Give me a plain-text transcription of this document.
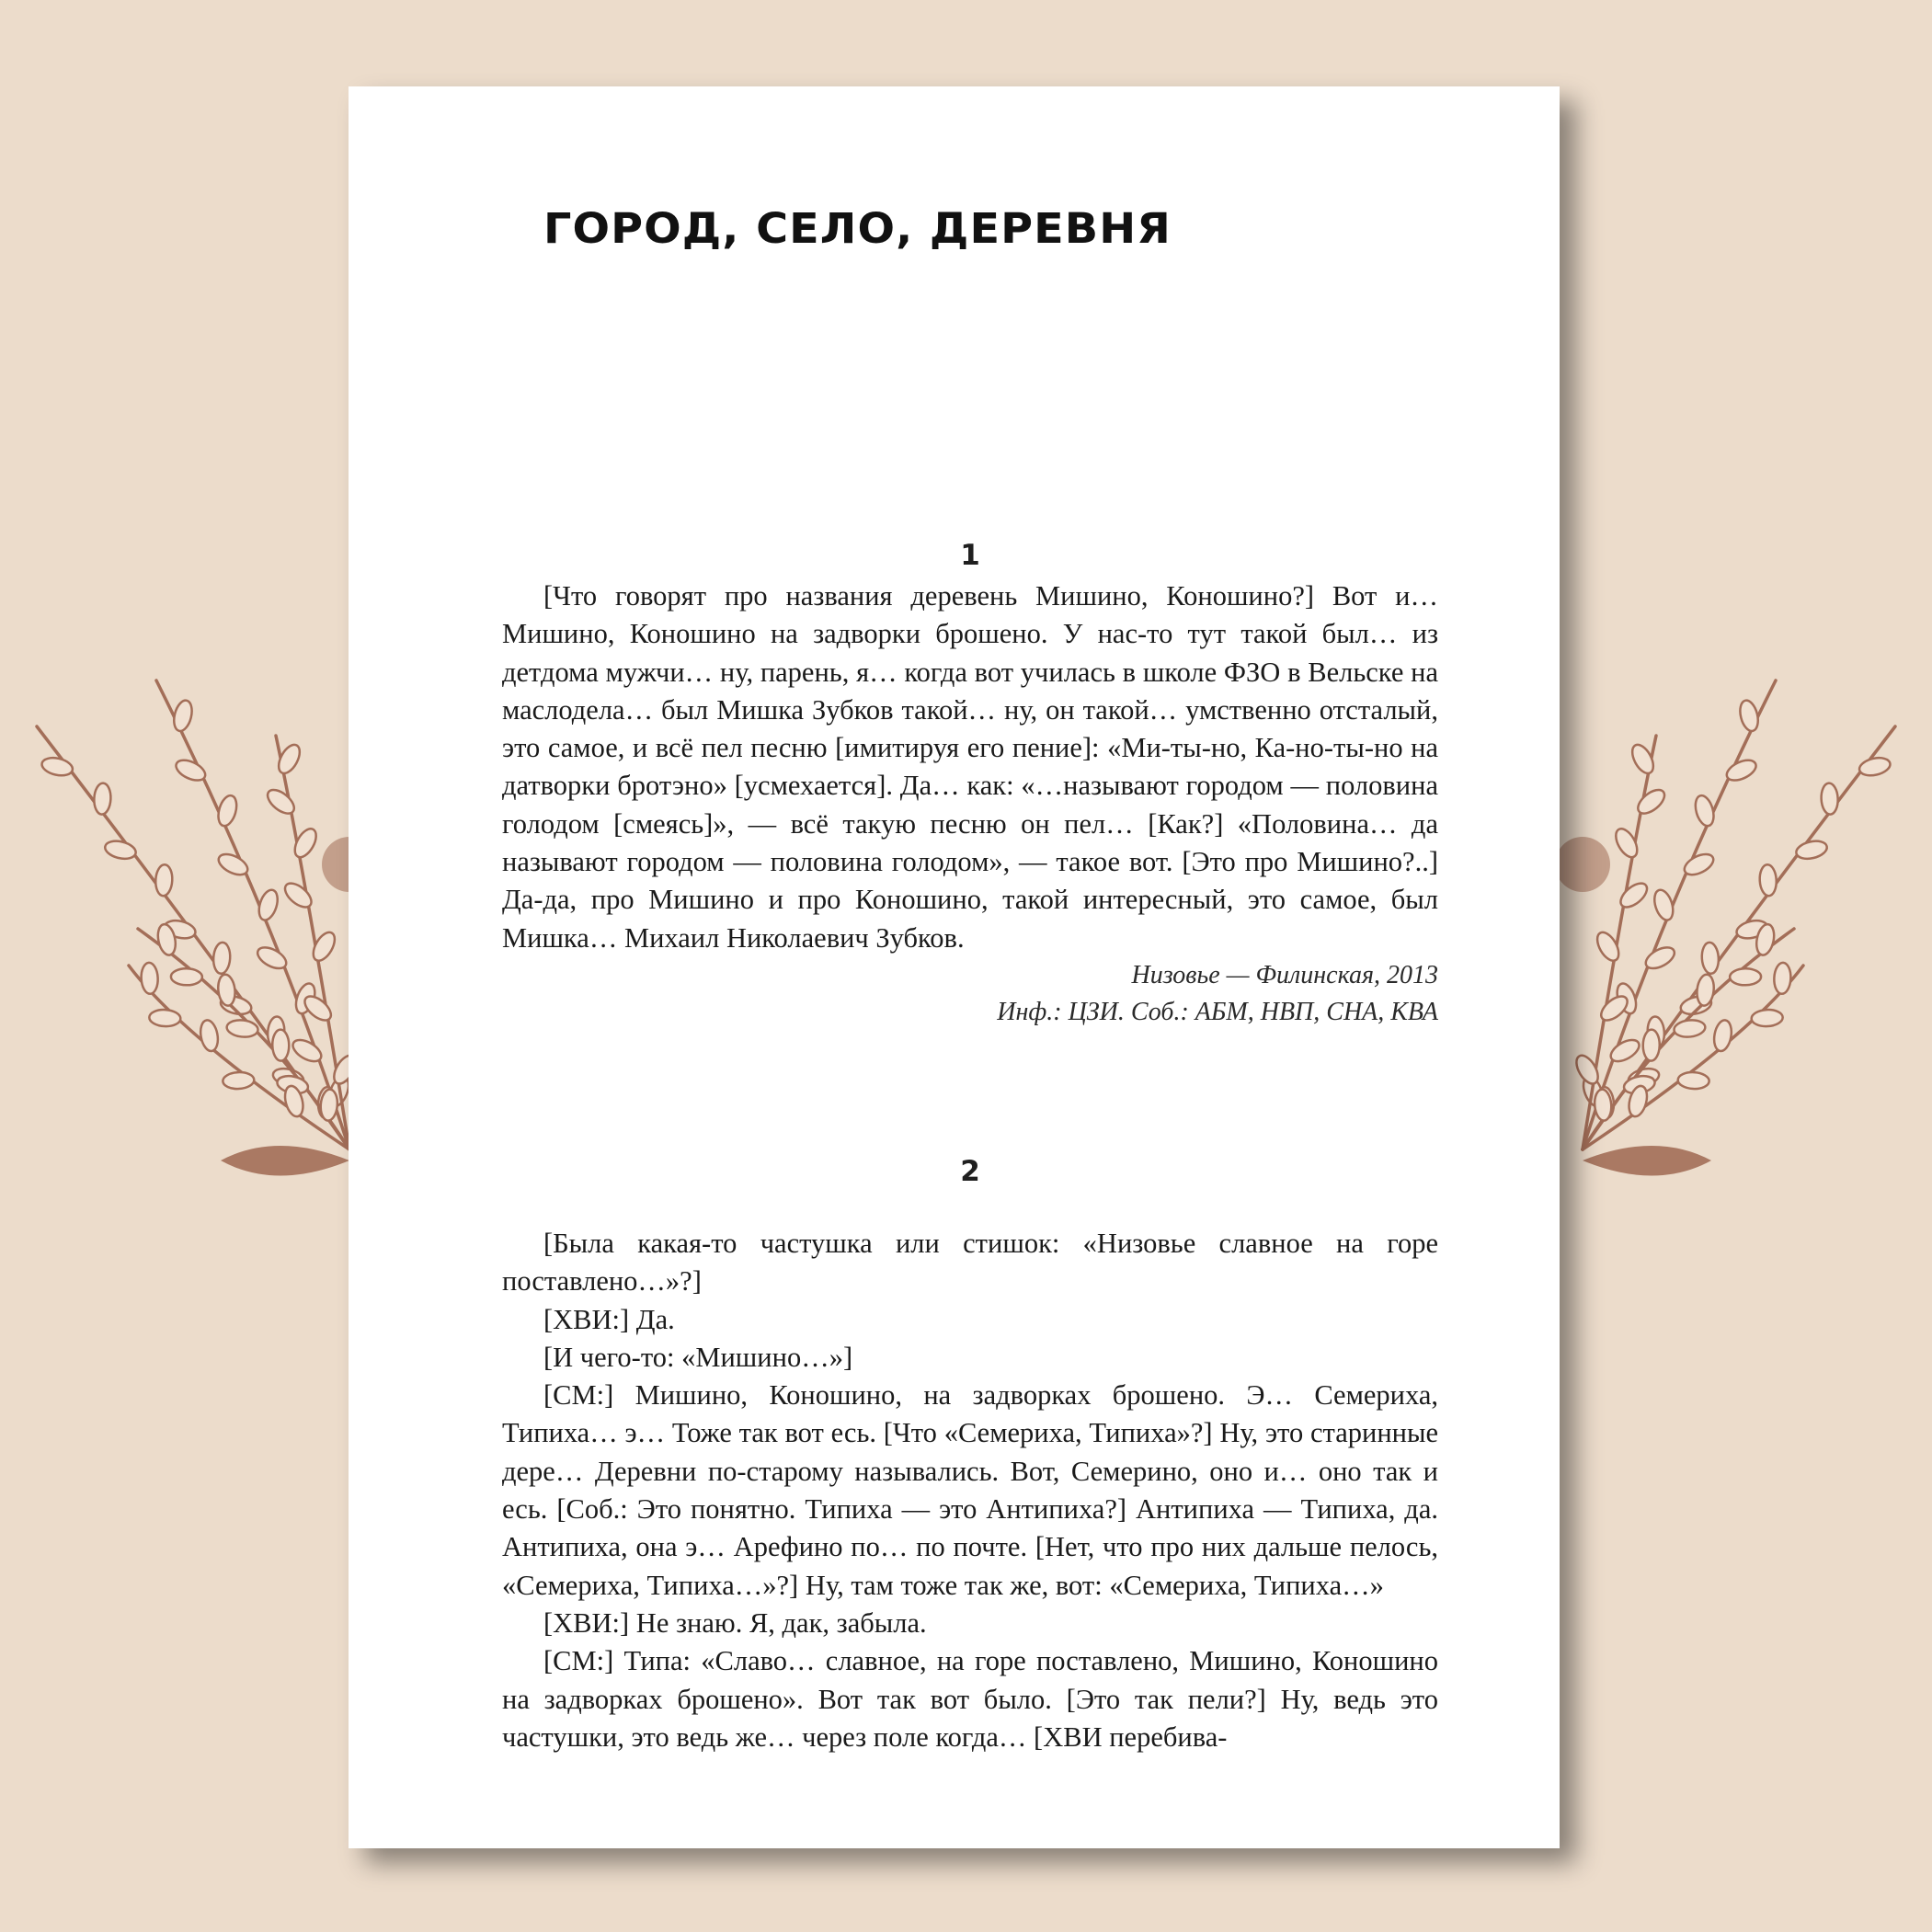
ГОРОД, СЕЛО, ДЕРЕВНЯ
1

[Что говорят про названия деревень Мишино, Коношино?] Вот и… Мишино, Коношино на задворки брошено. У нас-то тут такой был… из детдома мужчи… ну, парень, я… когда вот училась в школе ФЗО в Вельске на маслодела… был Мишка Зубков такой… ну, он такой… умственно отсталый, это самое, и всё пел песню [имитируя его пение]: «Ми-ты-но, Ка-но-ты-но на датворки бротэно» [усмехается]. Да… как: «…называют городом — половина голодом [смеясь]», — всё такую песню он пел… [Как?] «Половина… да называют городом — половина голодом», — такое вот. [Это про Мишино?..] Да-да, про Мишино и про Коношино, такой интересный, это самое, был Мишка… Михаил Николаевич Зубков.

Низовье — Филинская, 2013

Инф.: ЦЗИ. Соб.: АБМ, НВП, СНА, КВА

2

[Была какая-то частушка или стишок: «Низовье славное на горе поставлено…»?]

[ХВИ:] Да.

[И чего-то: «Мишино…»]

[СМ:] Мишино, Коношино, на задворках брошено. Э… Семериха, Типиха… э… Тоже так вот есь. [Что «Семериха, Типиха»?] Ну, это старинные дере… Деревни по-старому назывались. Вот, Семерино, оно и… оно так и есь. [Соб.: Это понятно. Типиха — это Антипиха?] Антипиха — Типиха, да. Антипиха, она э… Арефино по… по почте. [Нет, что про них дальше пелось, «Семериха, Типиха…»?] Ну, там тоже так же, вот: «Семериха, Типиха…»

[ХВИ:] Не знаю. Я, дак, забыла.

[СМ:] Типа: «Славо… славное, на горе поставлено, Мишино, Коношино на задворках брошено». Вот так вот было. [Это так пели?] Ну, ведь это частушки, это ведь же… через поле когда… [ХВИ перебива-
